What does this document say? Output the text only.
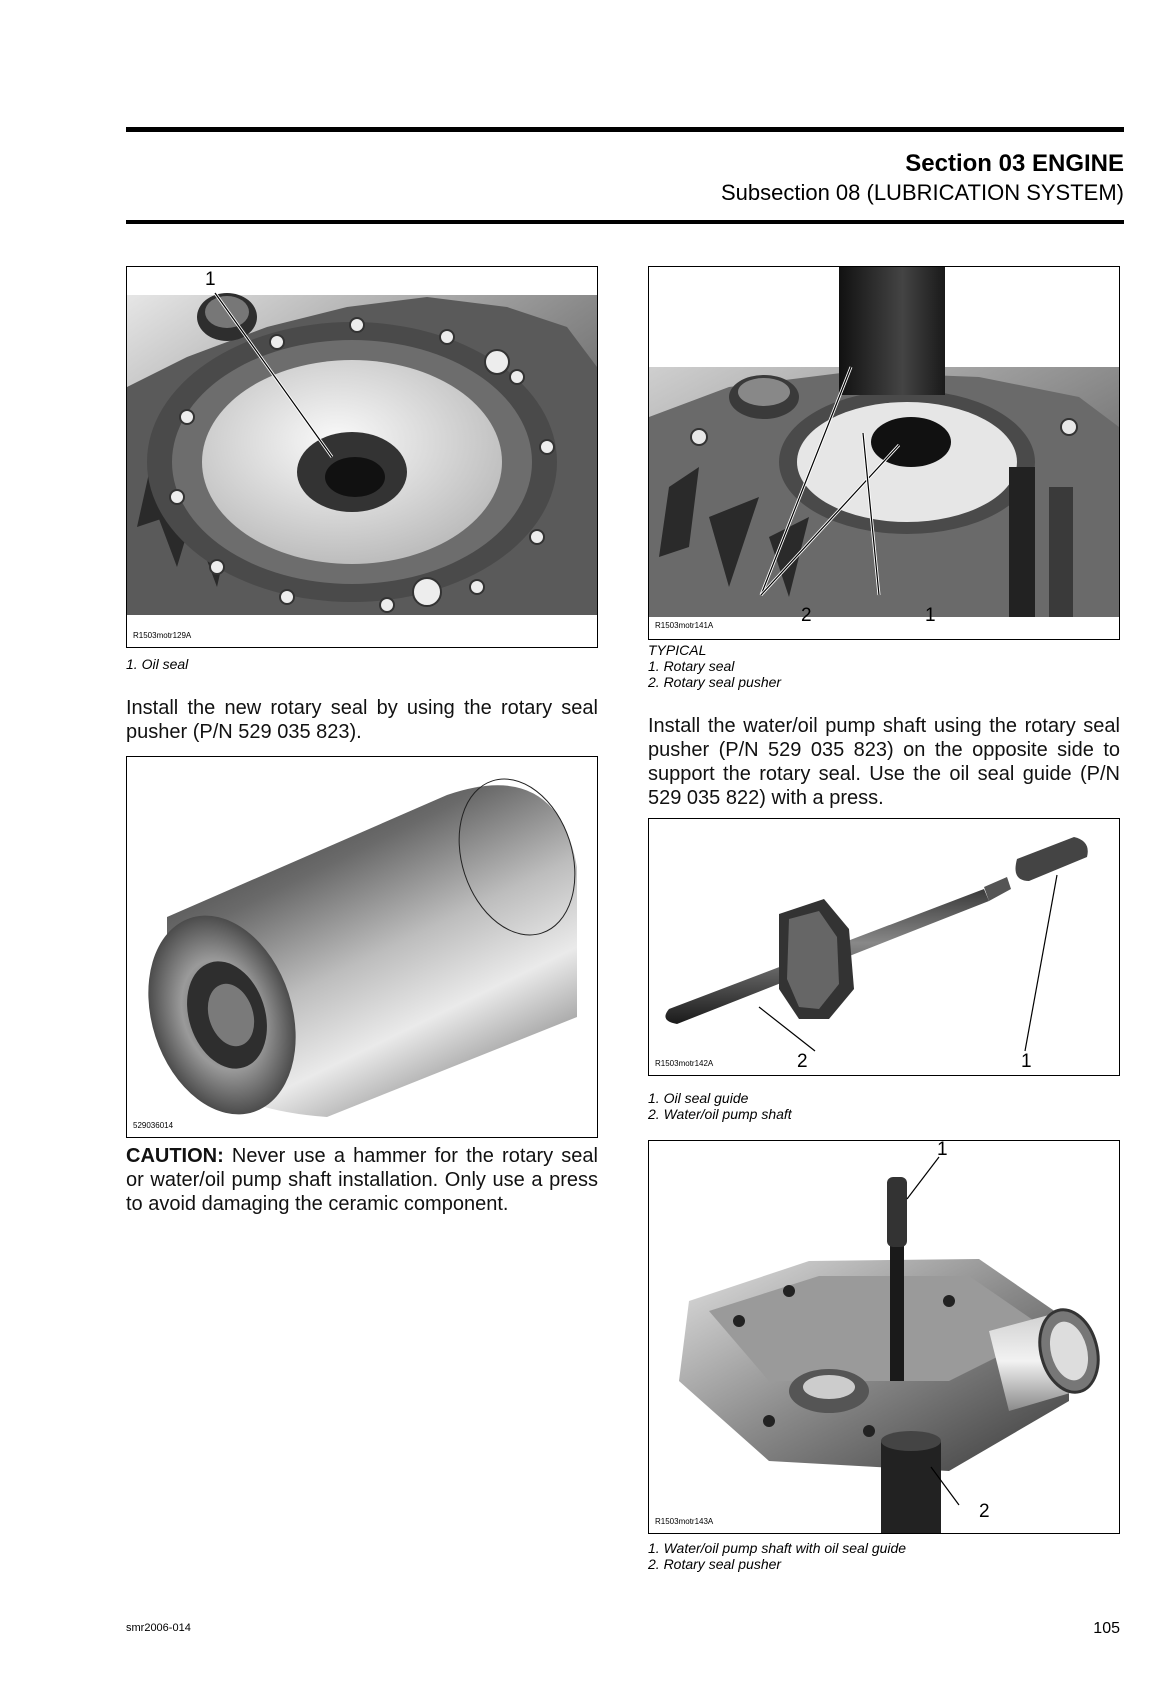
Section 03 ENGINE
Subsection 08 (LUBRICATION SYSTEM)
1
R1503motr129A
1. Oil seal
Install the new rotary seal by using the rotary seal pusher (P/N 529 035 823).
529036014
CAUTION: Never use a hammer for the rotary seal or water/oil pump shaft installation. Only use a press to avoid damaging the ceramic component.
2	1
R1503motr141A
TYPICAL
1. Rotary seal
2. Rotary seal pusher
Install the water/oil pump shaft using the rotary seal pusher (P/N 529 035 823) on the opposite side to support the rotary seal. Use the oil seal guide (P/N 529 035 822) with a press.
2	1
R1503motr142A
1. Oil seal guide
2. Water/oil pump shaft
1
2
R1503motr143A
1. Water/oil pump shaft with oil seal guide
2. Rotary seal pusher
smr2006-014	105
